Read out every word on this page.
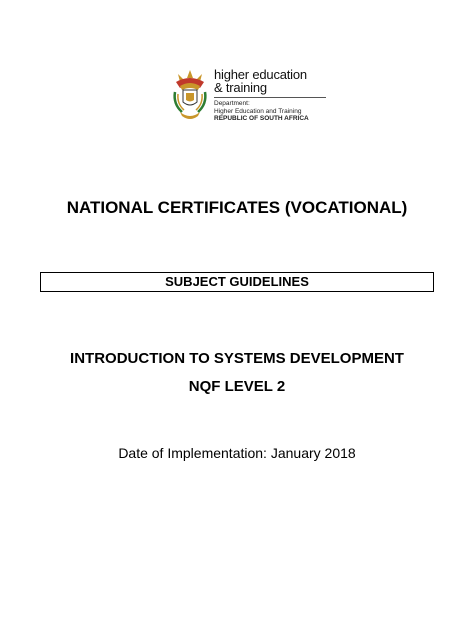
higher education
& training
Department:
Higher Education and Training
REPUBLIC OF SOUTH AFRICA
NATIONAL CERTIFICATES (VOCATIONAL)
SUBJECT GUIDELINES
INTRODUCTION TO SYSTEMS DEVELOPMENT
NQF LEVEL 2
Date of Implementation: January 2018
